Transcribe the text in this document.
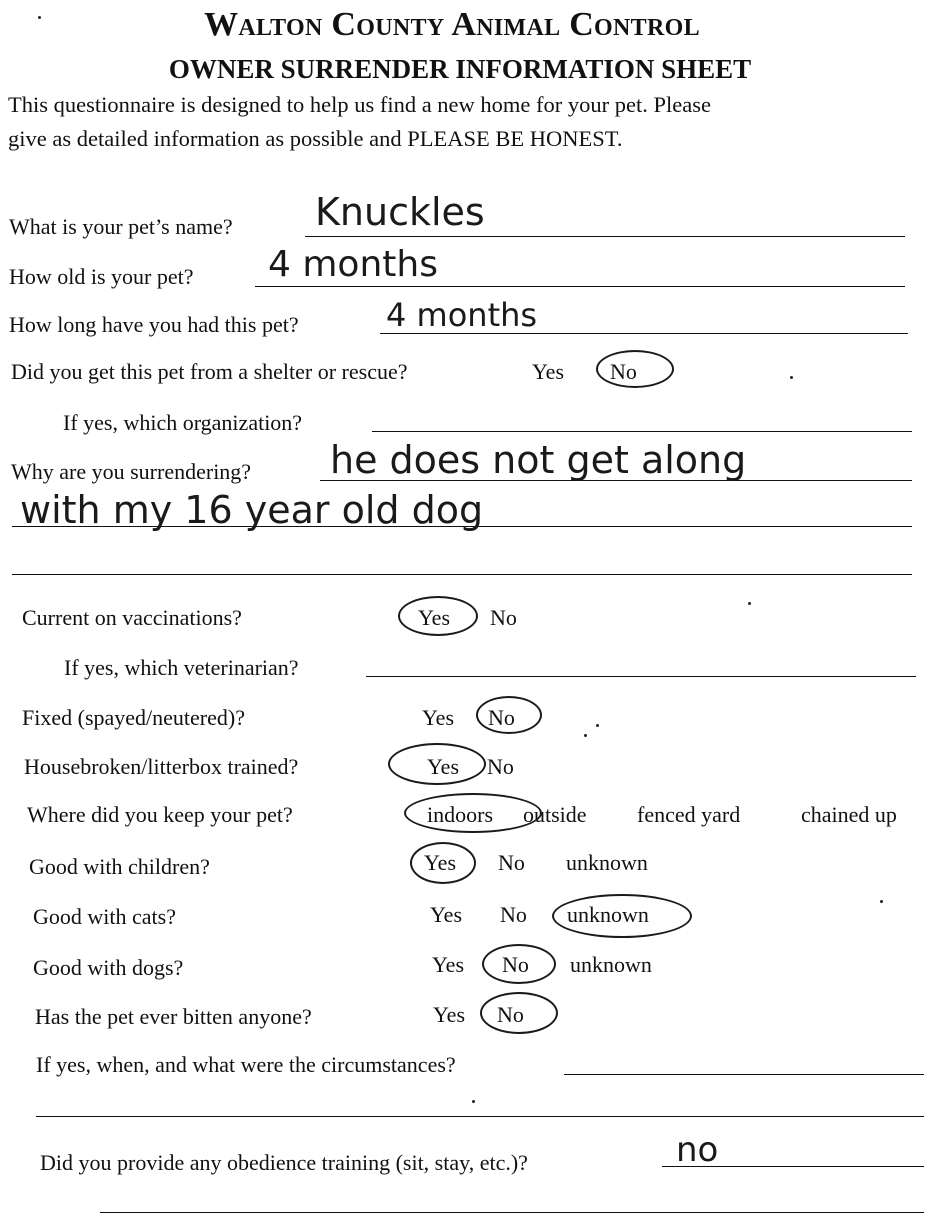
Walton County Animal Control
OWNER SURRENDER INFORMATION SHEET
This questionnaire is designed to help us find a new home for your pet. Please
give as detailed information as possible and PLEASE BE HONEST.
What is your pet’s name? Knuckles
How old is your pet? 4 months
How long have you had this pet?	4 months
Did you get this pet from a shelter or rescue?	Yes No
If yes, which organization?
Why are you surrendering? he does not get along
with my 16 year old dog
Current on vaccinations?	Yes No
If yes, which veterinarian?
Fixed (spayed/neutered)?	Yes No
Housebroken/litterbox trained?	Yes No
Where did you keep your pet?	indoors outside fenced yard	chained up
Good with children?	Yes No unknown
Good with cats?	Yes No unknown
Good with dogs?	Yes No unknown
Has the pet ever bitten anyone?	Yes No
If yes, when, and what were the circumstances?
Did you provide any obedience training (sit, stay, etc.)?	no
